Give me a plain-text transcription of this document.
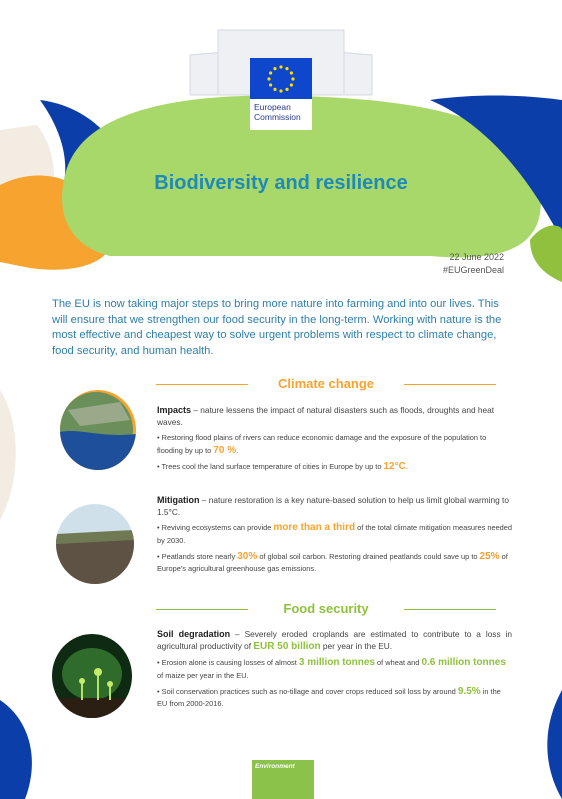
European
Commission
Biodiversity and resilience
22 June 2022
#EUGreenDeal
The EU is now taking major steps to bring more nature into farming and into our lives. This will ensure that we strengthen our food security in the long-term. Working with nature is the most effective and cheapest way to solve urgent problems with respect to climate change, food security, and human health.
Climate change

Impacts – nature lessens the impact of natural disasters such as floods, droughts and heat waves.

• Restoring flood plains of rivers can reduce economic damage and the exposure of the population to flooding by up to 70 %.

• Trees cool the land surface temperature of cities in Europe by up to 12°C.

Mitigation – nature restoration is a key nature-based solution to help us limit global warming to 1.5°C.

• Reviving ecosystems can provide more than a third of the total climate mitigation measures needed by 2030.

• Peatlands store nearly 30% of global soil carbon. Restoring drained peatlands could save up to 25% of Europe's agricultural greenhouse gas emissions.

Food security

Soil degradation – Severely eroded croplands are estimated to contribute to a loss in agricultural productivity of EUR 50 billion per year in the EU.

• Erosion alone is causing losses of almost 3 million tonnes of wheat and 0.6 million tonnes of maize per year in the EU.

• Soil conservation practices such as no-tillage and cover crops reduced soil loss by around 9.5% in the EU from 2000-2016.

Environment
